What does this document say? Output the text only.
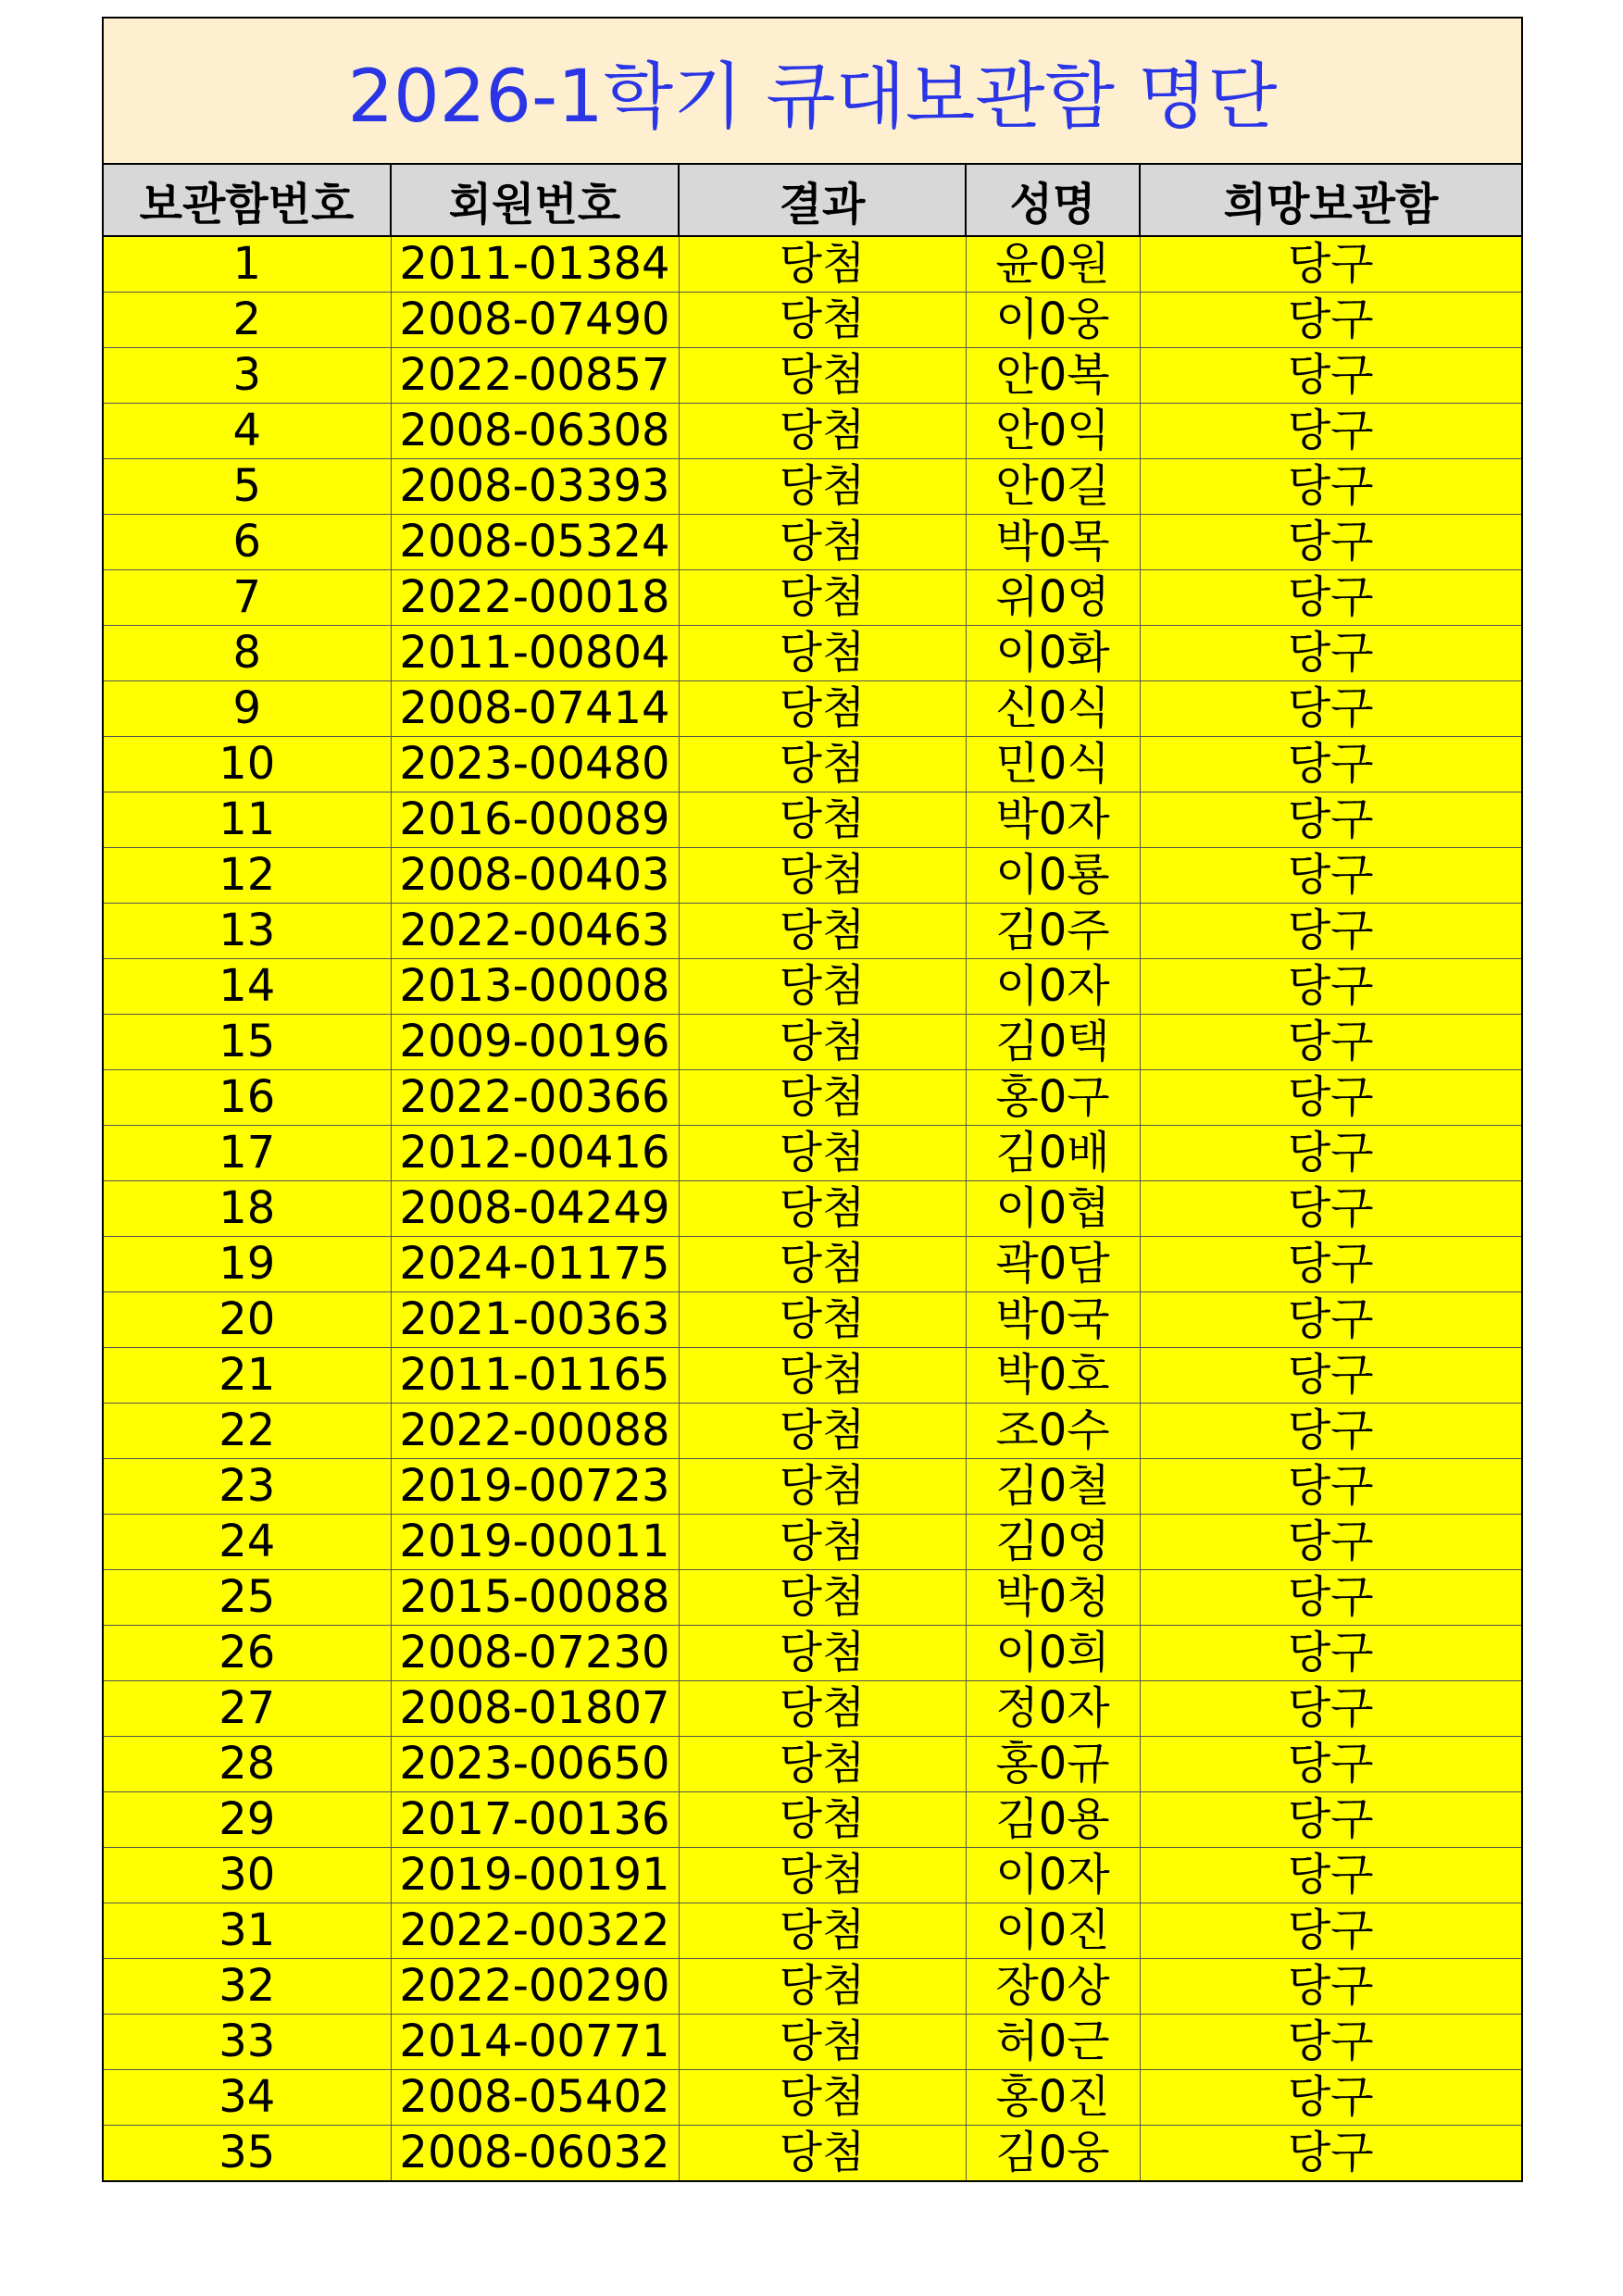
2026-1학기 큐대보관함 명단
보관함번호	회원번호	결과	성명	희망보관함
1	2011-01384	당첨	윤0원	당구
2	2008-07490	당첨	이0웅	당구
3	2022-00857	당첨	안0복	당구
4	2008-06308	당첨	안0익	당구
5	2008-03393	당첨	안0길	당구
6	2008-05324	당첨	박0목	당구
7	2022-00018	당첨	위0영	당구
8	2011-00804	당첨	이0화	당구
9	2008-07414	당첨	신0식	당구
10	2023-00480	당첨	민0식	당구
11	2016-00089	당첨	박0자	당구
12	2008-00403	당첨	이0룡	당구
13	2022-00463	당첨	김0주	당구
14	2013-00008	당첨	이0자	당구
15	2009-00196	당첨	김0택	당구
16	2022-00366	당첨	홍0구	당구
17	2012-00416	당첨	김0배	당구
18	2008-04249	당첨	이0협	당구
19	2024-01175	당첨	곽0담	당구
20	2021-00363	당첨	박0국	당구
21	2011-01165	당첨	박0호	당구
22	2022-00088	당첨	조0수	당구
23	2019-00723	당첨	김0철	당구
24	2019-00011	당첨	김0영	당구
25	2015-00088	당첨	박0청	당구
26	2008-07230	당첨	이0희	당구
27	2008-01807	당첨	정0자	당구
28	2023-00650	당첨	홍0규	당구
29	2017-00136	당첨	김0용	당구
30	2019-00191	당첨	이0자	당구
31	2022-00322	당첨	이0진	당구
32	2022-00290	당첨	장0상	당구
33	2014-00771	당첨	허0근	당구
34	2008-05402	당첨	홍0진	당구
35	2008-06032	당첨	김0웅	당구
